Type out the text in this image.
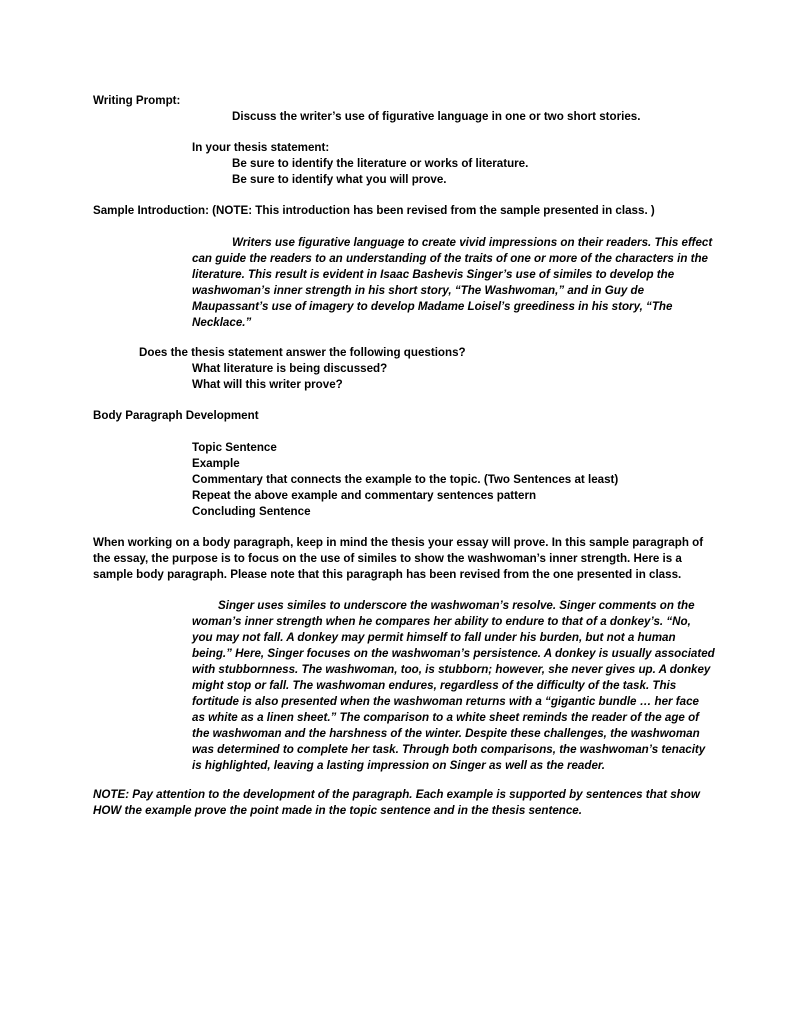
Writing Prompt:
Discuss the writer’s use of figurative language in one or two short stories.
In your thesis statement:
Be sure to identify the literature or works of literature.
Be sure to identify what you will prove.
Sample Introduction: (NOTE: This introduction has been revised from the sample presented in class. )
Writers use figurative language to create vivid impressions on their readers. This effect
can guide the readers to an understanding of the traits of one or more of the characters in the
literature. This result is evident in Isaac Bashevis Singer’s use of similes to develop the
washwoman’s inner strength in his short story, “The Washwoman,” and in Guy de
Maupassant’s use of imagery to develop Madame Loisel’s greediness in his story, “The
Necklace.”
Does the thesis statement answer the following questions?
What literature is being discussed?
What will this writer prove?
Body Paragraph Development
Topic Sentence
Example
Commentary that connects the example to the topic. (Two Sentences at least)
Repeat the above example and commentary sentences pattern
Concluding Sentence
When working on a body paragraph, keep in mind the thesis your essay will prove. In this sample paragraph of
the essay, the purpose is to focus on the use of similes to show the washwoman’s inner strength. Here is a
sample body paragraph. Please note that this paragraph has been revised from the one presented in class.
Singer uses similes to underscore the washwoman’s resolve. Singer comments on the
woman’s inner strength when he compares her ability to endure to that of a donkey’s. “No,
you may not fall. A donkey may permit himself to fall under his burden, but not a human
being.” Here, Singer focuses on the washwoman’s persistence. A donkey is usually associated
with stubbornness. The washwoman, too, is stubborn; however, she never gives up. A donkey
might stop or fall. The washwoman endures, regardless of the difficulty of the task. This
fortitude is also presented when the washwoman returns with a “gigantic bundle … her face
as white as a linen sheet.” The comparison to a white sheet reminds the reader of the age of
the washwoman and the harshness of the winter. Despite these challenges, the washwoman
was determined to complete her task. Through both comparisons, the washwoman’s tenacity
is highlighted, leaving a lasting impression on Singer as well as the reader.
NOTE: Pay attention to the development of the paragraph. Each example is supported by sentences that show
HOW the example prove the point made in the topic sentence and in the thesis sentence.
